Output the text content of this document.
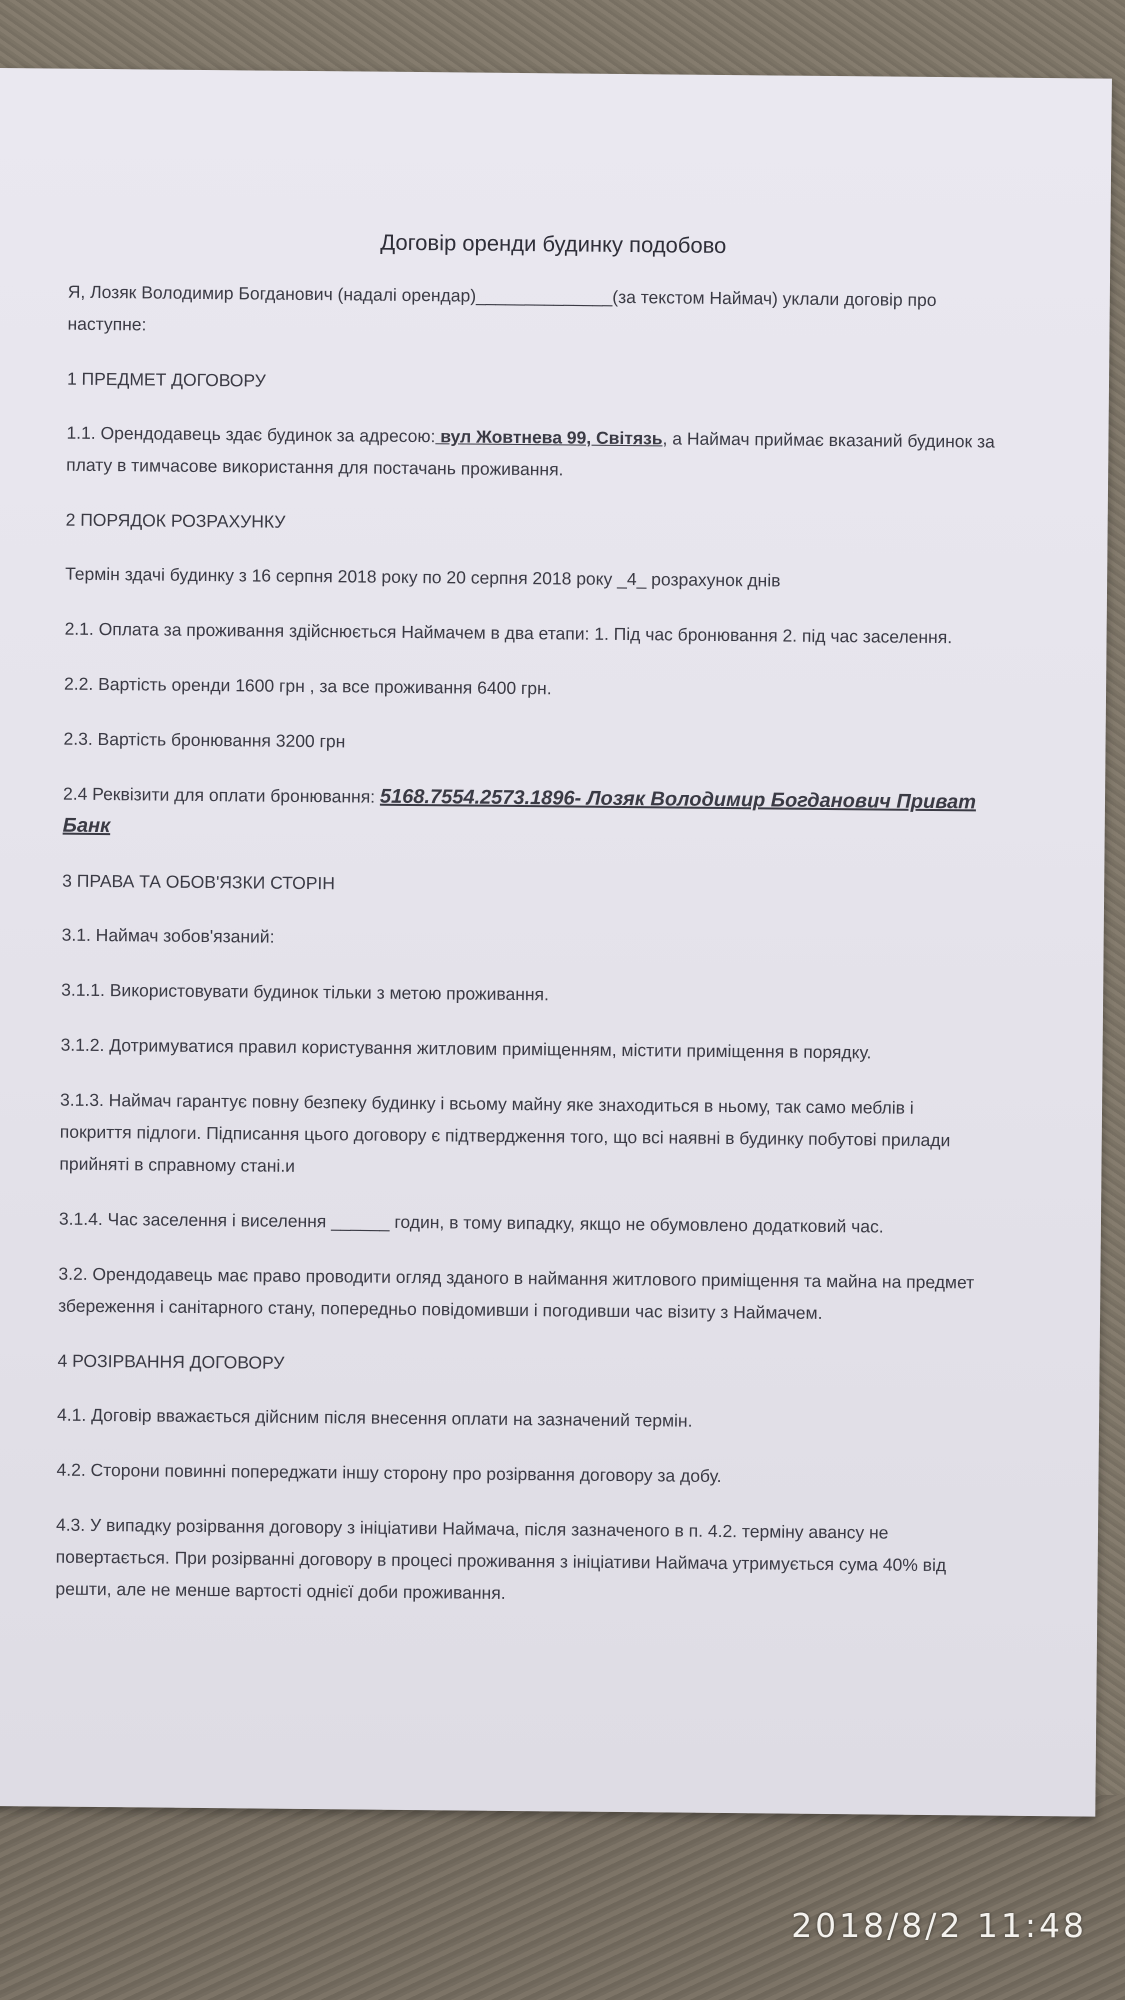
Договір оренди будинку подобово
Я, Лозяк Володимир Богданович (надалі орендар)______________(за текстом Наймач) уклали договір про наступне:
1 ПРЕДМЕТ ДОГОВОРУ
1.1. Орендодавець здає будинок за адресою: вул Жовтнева 99, Світязь, а Наймач приймає вказаний будинок за плату в тимчасове використання для постачань проживання.
2 ПОРЯДОК РОЗРАХУНКУ
Термін здачі будинку з 16 серпня 2018 року по 20 серпня 2018 року _4_ розрахунок днів
2.1. Оплата за проживання здійснюється Наймачем в два етапи: 1. Під час бронювання 2. під час заселення.
2.2. Вартість оренди 1600 грн , за все проживання 6400 грн.
2.3. Вартість бронювання 3200 грн
2.4 Реквізити для оплати бронювання: 5168.7554.2573.1896- Лозяк Володимир Богданович Приват Банк
3 ПРАВА ТА ОБОВ'ЯЗКИ СТОРІН
3.1. Наймач зобов'язаний:
3.1.1. Використовувати будинок тільки з метою проживання.
3.1.2. Дотримуватися правил користування житловим приміщенням, містити приміщення в порядку.
3.1.3. Наймач гарантує повну безпеку будинку і всьому майну яке знаходиться в ньому, так само меблів і покриття підлоги. Підписання цього договору є підтвердження того, що всі наявні в будинку побутові прилади прийняті в справному стані.и
3.1.4. Час заселення і виселення ______ годин, в тому випадку, якщо не обумовлено додатковий час.
3.2. Орендодавець має право проводити огляд зданого в наймання житлового приміщення та майна на предмет збереження і санітарного стану, попередньо повідомивши і погодивши час візиту з Наймачем.
4 РОЗІРВАННЯ ДОГОВОРУ
4.1. Договір вважається дійсним після внесення оплати на зазначений термін.
4.2. Сторони повинні попереджати іншу сторону про розірвання договору за добу.
4.3. У випадку розірвання договору з ініціативи Наймача, після зазначеного в п. 4.2. терміну авансу не повертається. При розірванні договору в процесі проживання з ініціативи Наймача утримується сума 40% від решти, але не менше вартості однієї доби проживання.
2018/8/2 11:48
